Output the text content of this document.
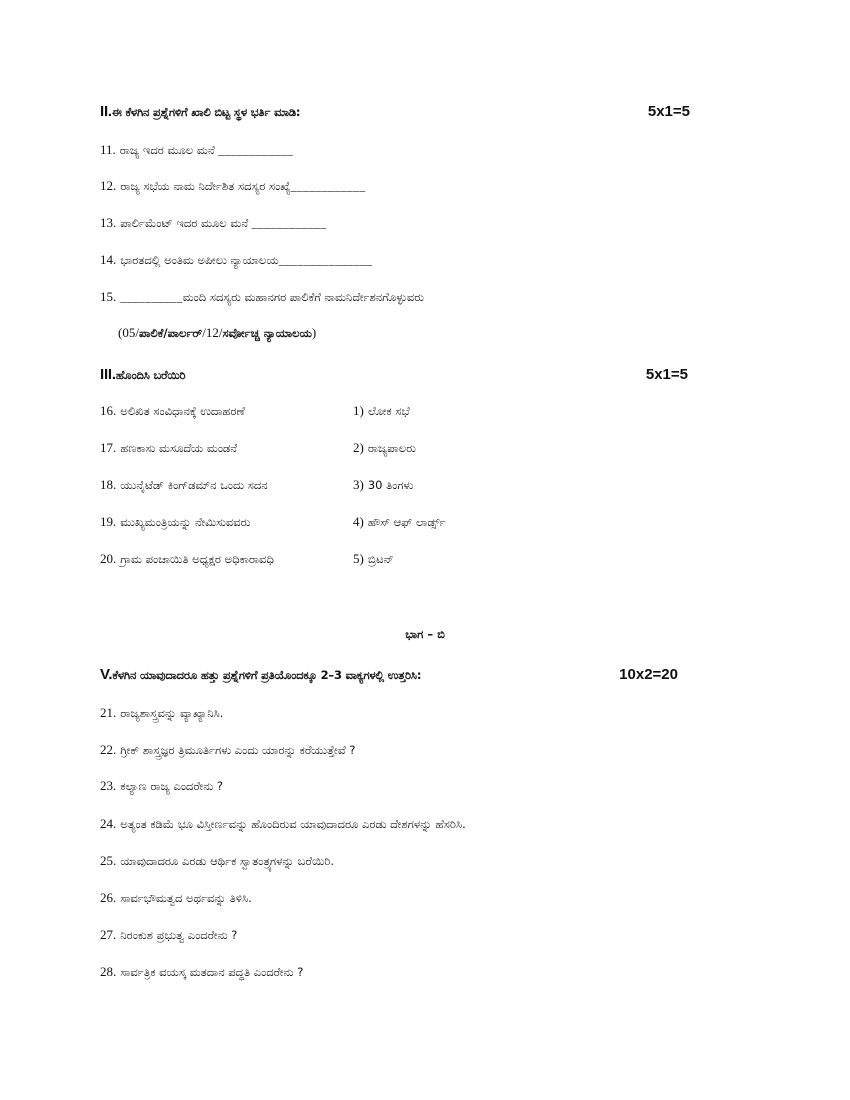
II.ಈ ಕೆಳಗಿನ ಪ್ರಶ್ನೆಗಳಿಗೆ ಖಾಲಿ ಬಿಟ್ಟ ಸ್ಥಳ ಭರ್ತಿ ಮಾಡಿ:	5x1=5
11. ರಾಜ್ಯ ಇದರ ಮೂಲ ಮನೆ ____________
12. ರಾಜ್ಯ ಸಭೆಯ ನಾಮ ನಿರ್ದೇಶಿತ ಸದಸ್ಯರ ಸಂಖ್ಯೆ____________
13. ಪಾರ್ಲಿಮೆಂಟ್ ಇದರ ಮೂಲ ಮನೆ ____________
14. ಭಾರತದಲ್ಲಿ ಅಂತಿಮ ಅಪೀಲು ನ್ಯಾಯಾಲಯ_______________
15. __________ಮಂದಿ ಸದಸ್ಯರು ಮಹಾನಗರ ಪಾಲಿಕೆಗೆ ನಾಮನಿರ್ದೇಶನಗೊಳ್ಳುವರು
(05/ಪಾಲಿಕೆ/ಪಾರ್ಲರ್/12/ಸರ್ವೋಚ್ಚ ನ್ಯಾಯಾಲಯ)
III.ಹೊಂದಿಸಿ ಬರೆಯಿರಿ	5x1=5
16. ಅಲಿಖಿತ ಸಂವಿಧಾನಕ್ಕೆ ಉದಾಹರಣೆ	1) ಲೋಕ ಸಭೆ
17. ಹಣಕಾಸು ಮಸೂದೆಯ ಮಂಡನೆ	2) ರಾಜ್ಯಪಾಲರು
18. ಯುನೈಟೆಡ್ ಕಿಂಗ್‌ಡಮ್‌ನ ಒಂದು ಸದನ	3) 30 ತಿಂಗಳು
19. ಮುಖ್ಯಮಂತ್ರಿಯನ್ನು ನೇಮಿಸುವವರು	4) ಹೌಸ್ ಆಫ್ ಲಾರ್ಡ್ಸ್
20. ಗ್ರಾಮ ಪಂಚಾಯಿತಿ ಅಧ್ಯಕ್ಷರ ಅಧಿಕಾರಾವಧಿ	5) ಬ್ರಿಟನ್
ಭಾಗ – ಬಿ
V.ಕೆಳಗಿನ ಯಾವುದಾದರೂ ಹತ್ತು ಪ್ರಶ್ನೆಗಳಿಗೆ ಪ್ರತಿಯೊಂದಕ್ಕೂ 2–3 ವಾಕ್ಯಗಳಲ್ಲಿ ಉತ್ತರಿಸಿ:	10x2=20
21. ರಾಜ್ಯಶಾಸ್ತ್ರವನ್ನು ವ್ಯಾಖ್ಯಾನಿಸಿ.
22. ಗ್ರೀಕ್ ಶಾಸ್ತ್ರಜ್ಞರ ತ್ರಿಮೂರ್ತಿಗಳು ಎಂದು ಯಾರನ್ನು ಕರೆಯುತ್ತೇವೆ ?
23. ಕಲ್ಯಾಣ ರಾಜ್ಯ ಎಂದರೇನು ?
24. ಅತ್ಯಂತ ಕಡಿಮೆ ಭೂ ವಿಸ್ತೀರ್ಣವನ್ನು ಹೊಂದಿರುವ ಯಾವುದಾದರೂ ಎರಡು ದೇಶಗಳನ್ನು ಹೆಸರಿಸಿ.
25. ಯಾವುದಾದರೂ ಎರಡು ಆರ್ಥಿಕ ಸ್ವಾತಂತ್ರ್ಯಗಳನ್ನು ಬರೆಯಿರಿ.
26. ಸಾರ್ವಭೌಮತ್ವದ ಅರ್ಥವನ್ನು ತಿಳಿಸಿ.
27. ನಿರಂಕುಶ ಪ್ರಭುತ್ವ ಎಂದರೇನು ?
28. ಸಾರ್ವತ್ರಿಕ ವಯಸ್ಕ ಮತದಾನ ಪದ್ಧತಿ ಎಂದರೇನು ?
